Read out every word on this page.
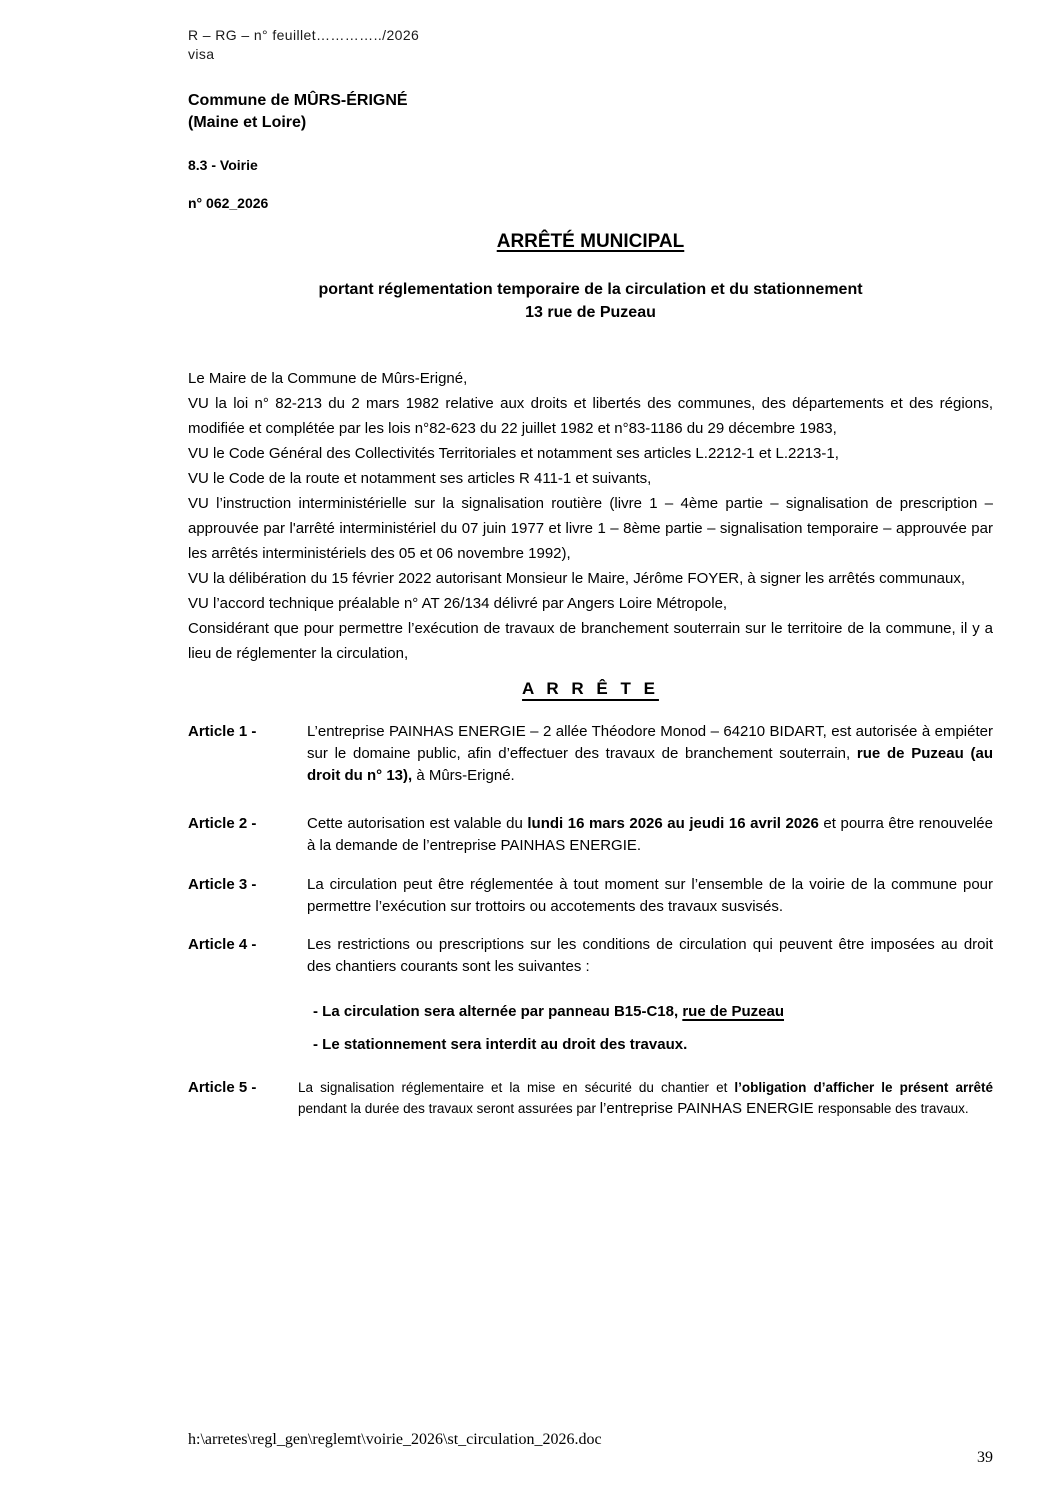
R – RG – n° feuillet…………../2026
visa
Commune de MÛRS-ÉRIGNÉ
(Maine et Loire)
8.3 - Voirie
n° 062_2026
ARRÊTÉ MUNICIPAL
portant réglementation temporaire de la circulation et du stationnement
13 rue de Puzeau

Le Maire de la Commune de Mûrs-Erigné,

VU la loi n° 82-213 du 2 mars 1982 relative aux droits et libertés des communes, des départements et des régions, modifiée et complétée par les lois n°82-623 du 22 juillet 1982 et n°83-1186 du 29 décembre 1983,

VU le Code Général des Collectivités Territoriales et notamment ses articles L.2212-1 et L.2213-1,

VU le Code de la route et notamment ses articles R 411-1 et suivants,

VU l’instruction interministérielle sur la signalisation routière (livre 1 – 4ème partie – signalisation de prescription – approuvée par l'arrêté interministériel du 07 juin 1977 et livre 1 – 8ème partie – signalisation temporaire – approuvée par les arrêtés interministériels des 05 et 06 novembre 1992),

VU la délibération du 15 février 2022 autorisant Monsieur le Maire, Jérôme FOYER, à signer les arrêtés communaux,

VU l’accord technique préalable n° AT 26/134 délivré par Angers Loire Métropole,

Considérant que pour permettre l’exécution de travaux de branchement souterrain sur le territoire de la commune, il y a lieu de réglementer la circulation,

A R R Ê T E
Article 1 -	L’entreprise PAINHAS ENERGIE – 2 allée Théodore Monod – 64210 BIDART, est autorisée à empiéter sur le domaine public, afin d’effectuer des travaux de branchement souterrain, rue de Puzeau (au droit du n° 13), à Mûrs-Erigné.
Article 2 -	Cette autorisation est valable du lundi 16 mars 2026 au jeudi 16 avril 2026 et pourra être renouvelée à la demande de l’entreprise PAINHAS ENERGIE.
Article 3 -	La circulation peut être réglementée à tout moment sur l’ensemble de la voirie de la commune pour permettre l’exécution sur trottoirs ou accotements des travaux susvisés.
Article 4 -	Les restrictions ou prescriptions sur les conditions de circulation qui peuvent être imposées au droit des chantiers courants sont les suivantes :
- La circulation sera alternée par panneau B15-C18, rue de Puzeau
- Le stationnement sera interdit au droit des travaux.
Article 5 -	La signalisation réglementaire et la mise en sécurité du chantier et l’obligation d’afficher le présent arrêté pendant la durée des travaux seront assurées par l’entreprise PAINHAS ENERGIE responsable des travaux.
h:\arretes\regl_gen\reglemt\voirie_2026\st_circulation_2026.doc
39
